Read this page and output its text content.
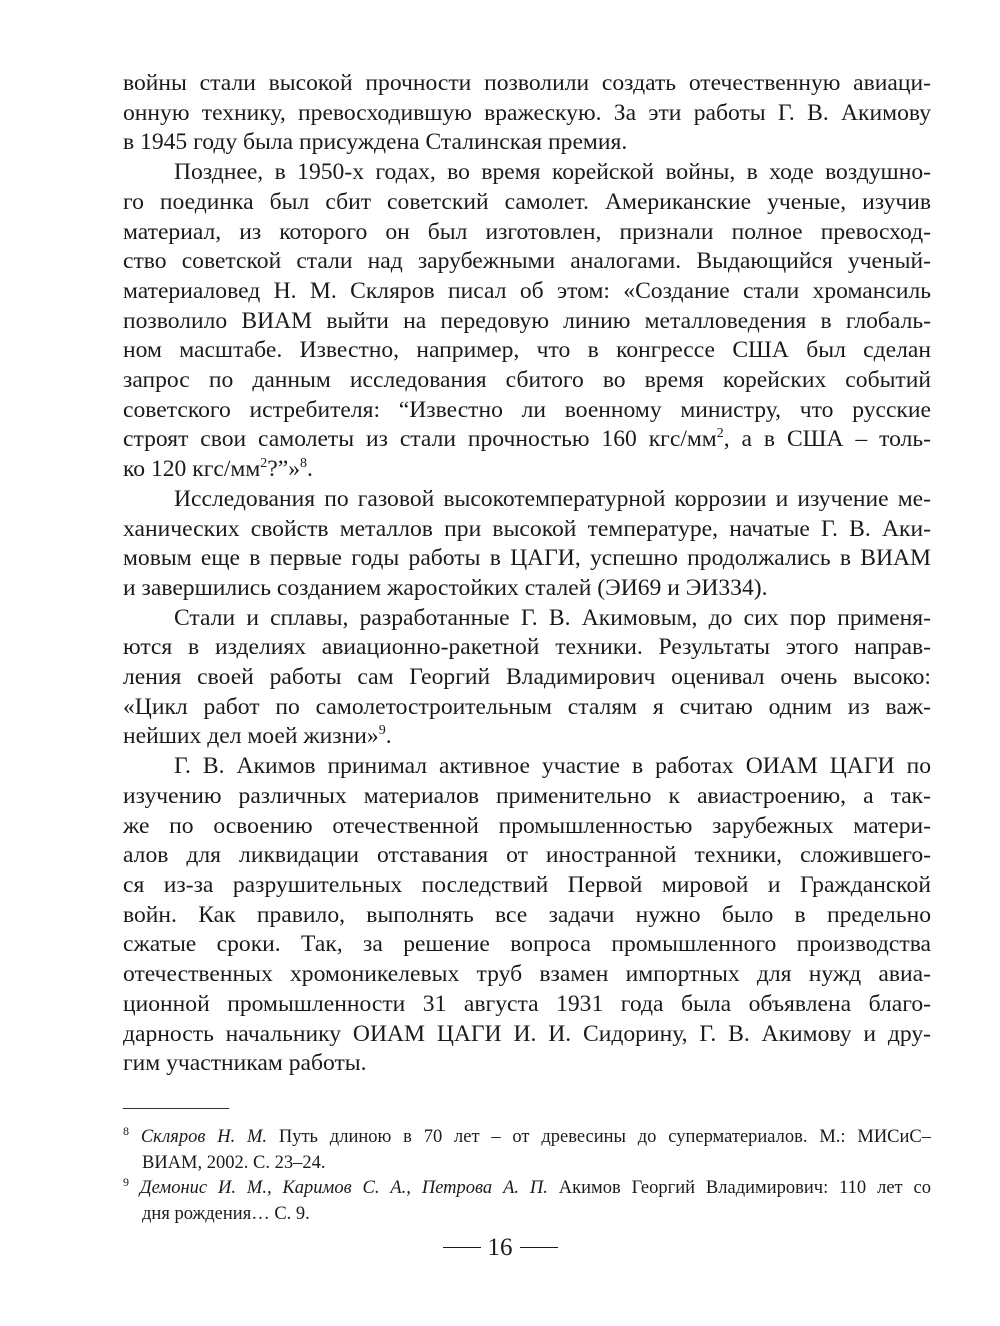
войны стали высокой прочности позволили создать отечественную авиаци-
онную технику, превосходившую вражескую. За эти работы Г. В. Акимову
в 1945 году была присуждена Сталинская премия.
Позднее, в 1950-х годах, во время корейской войны, в ходе воздушно-
го поединка был сбит советский самолет. Американские ученые, изучив
материал, из которого он был изготовлен, признали полное превосход-
ство советской стали над зарубежными аналогами. Выдающийся ученый-
материаловед Н. М. Скляров писал об этом: «Создание стали хромансиль
позволило ВИАМ выйти на передовую линию металловедения в глобаль-
ном масштабе. Известно, например, что в конгрессе США был сделан
запрос по данным исследования сбитого во время корейских событий
советского истребителя: “Известно ли военному министру, что русские
строят свои самолеты из стали прочностью 160 кгс/$мм^2$, а в США – толь-
ко 120 кгс/$мм^2?”»^8$.
Исследования по газовой высокотемпературной коррозии и изучение ме-
ханических свойств металлов при высокой температуре, начатые Г. В. Аки-
мовым еще в первые годы работы в ЦАГИ, успешно продолжались в ВИАМ
и завершились созданием жаростойких сталей (ЭИ69 и ЭИ334).
Стали и сплавы, разработанные Г. В. Акимовым, до сих пор применя-
ются в изделиях авиационно-ракетной техники. Результаты этого направ-
ления своей работы сам Георгий Владимирович оценивал очень высоко:
«Цикл работ по самолетостроительным сталям я считаю одним из важ-
нейших дел моей жизни»$^9$.
Г. В. Акимов принимал активное участие в работах ОИАМ ЦАГИ по
изучению различных материалов применительно к авиастроению, а так-
же по освоению отечественной промышленностью зарубежных матери-
алов для ликвидации отставания от иностранной техники, сложившего-
ся из-за разрушительных последствий Первой мировой и Гражданской
войн. Как правило, выполнять все задачи нужно было в предельно
сжатые сроки. Так, за решение вопроса промышленного производства
отечественных хромоникелевых труб взамен импортных для нужд авиа-
ционной промышленности 31 августа 1931 года была объявлена благо-
дарность начальнику ОИАМ ЦАГИ И. И. Сидорину, Г. В. Акимову и дру-
гим участникам работы.
$^8$ Скляров Н. М. Путь длиною в 70 лет – от древесины до суперматериалов. М.: МИСиС–
ВИАМ, 2002. С. 23–24.
$^9$ Демонис И. М., Каримов С. А., Петрова А. П. Акимов Георгий Владимирович: 110 лет со
дня рождения… С. 9.
16
